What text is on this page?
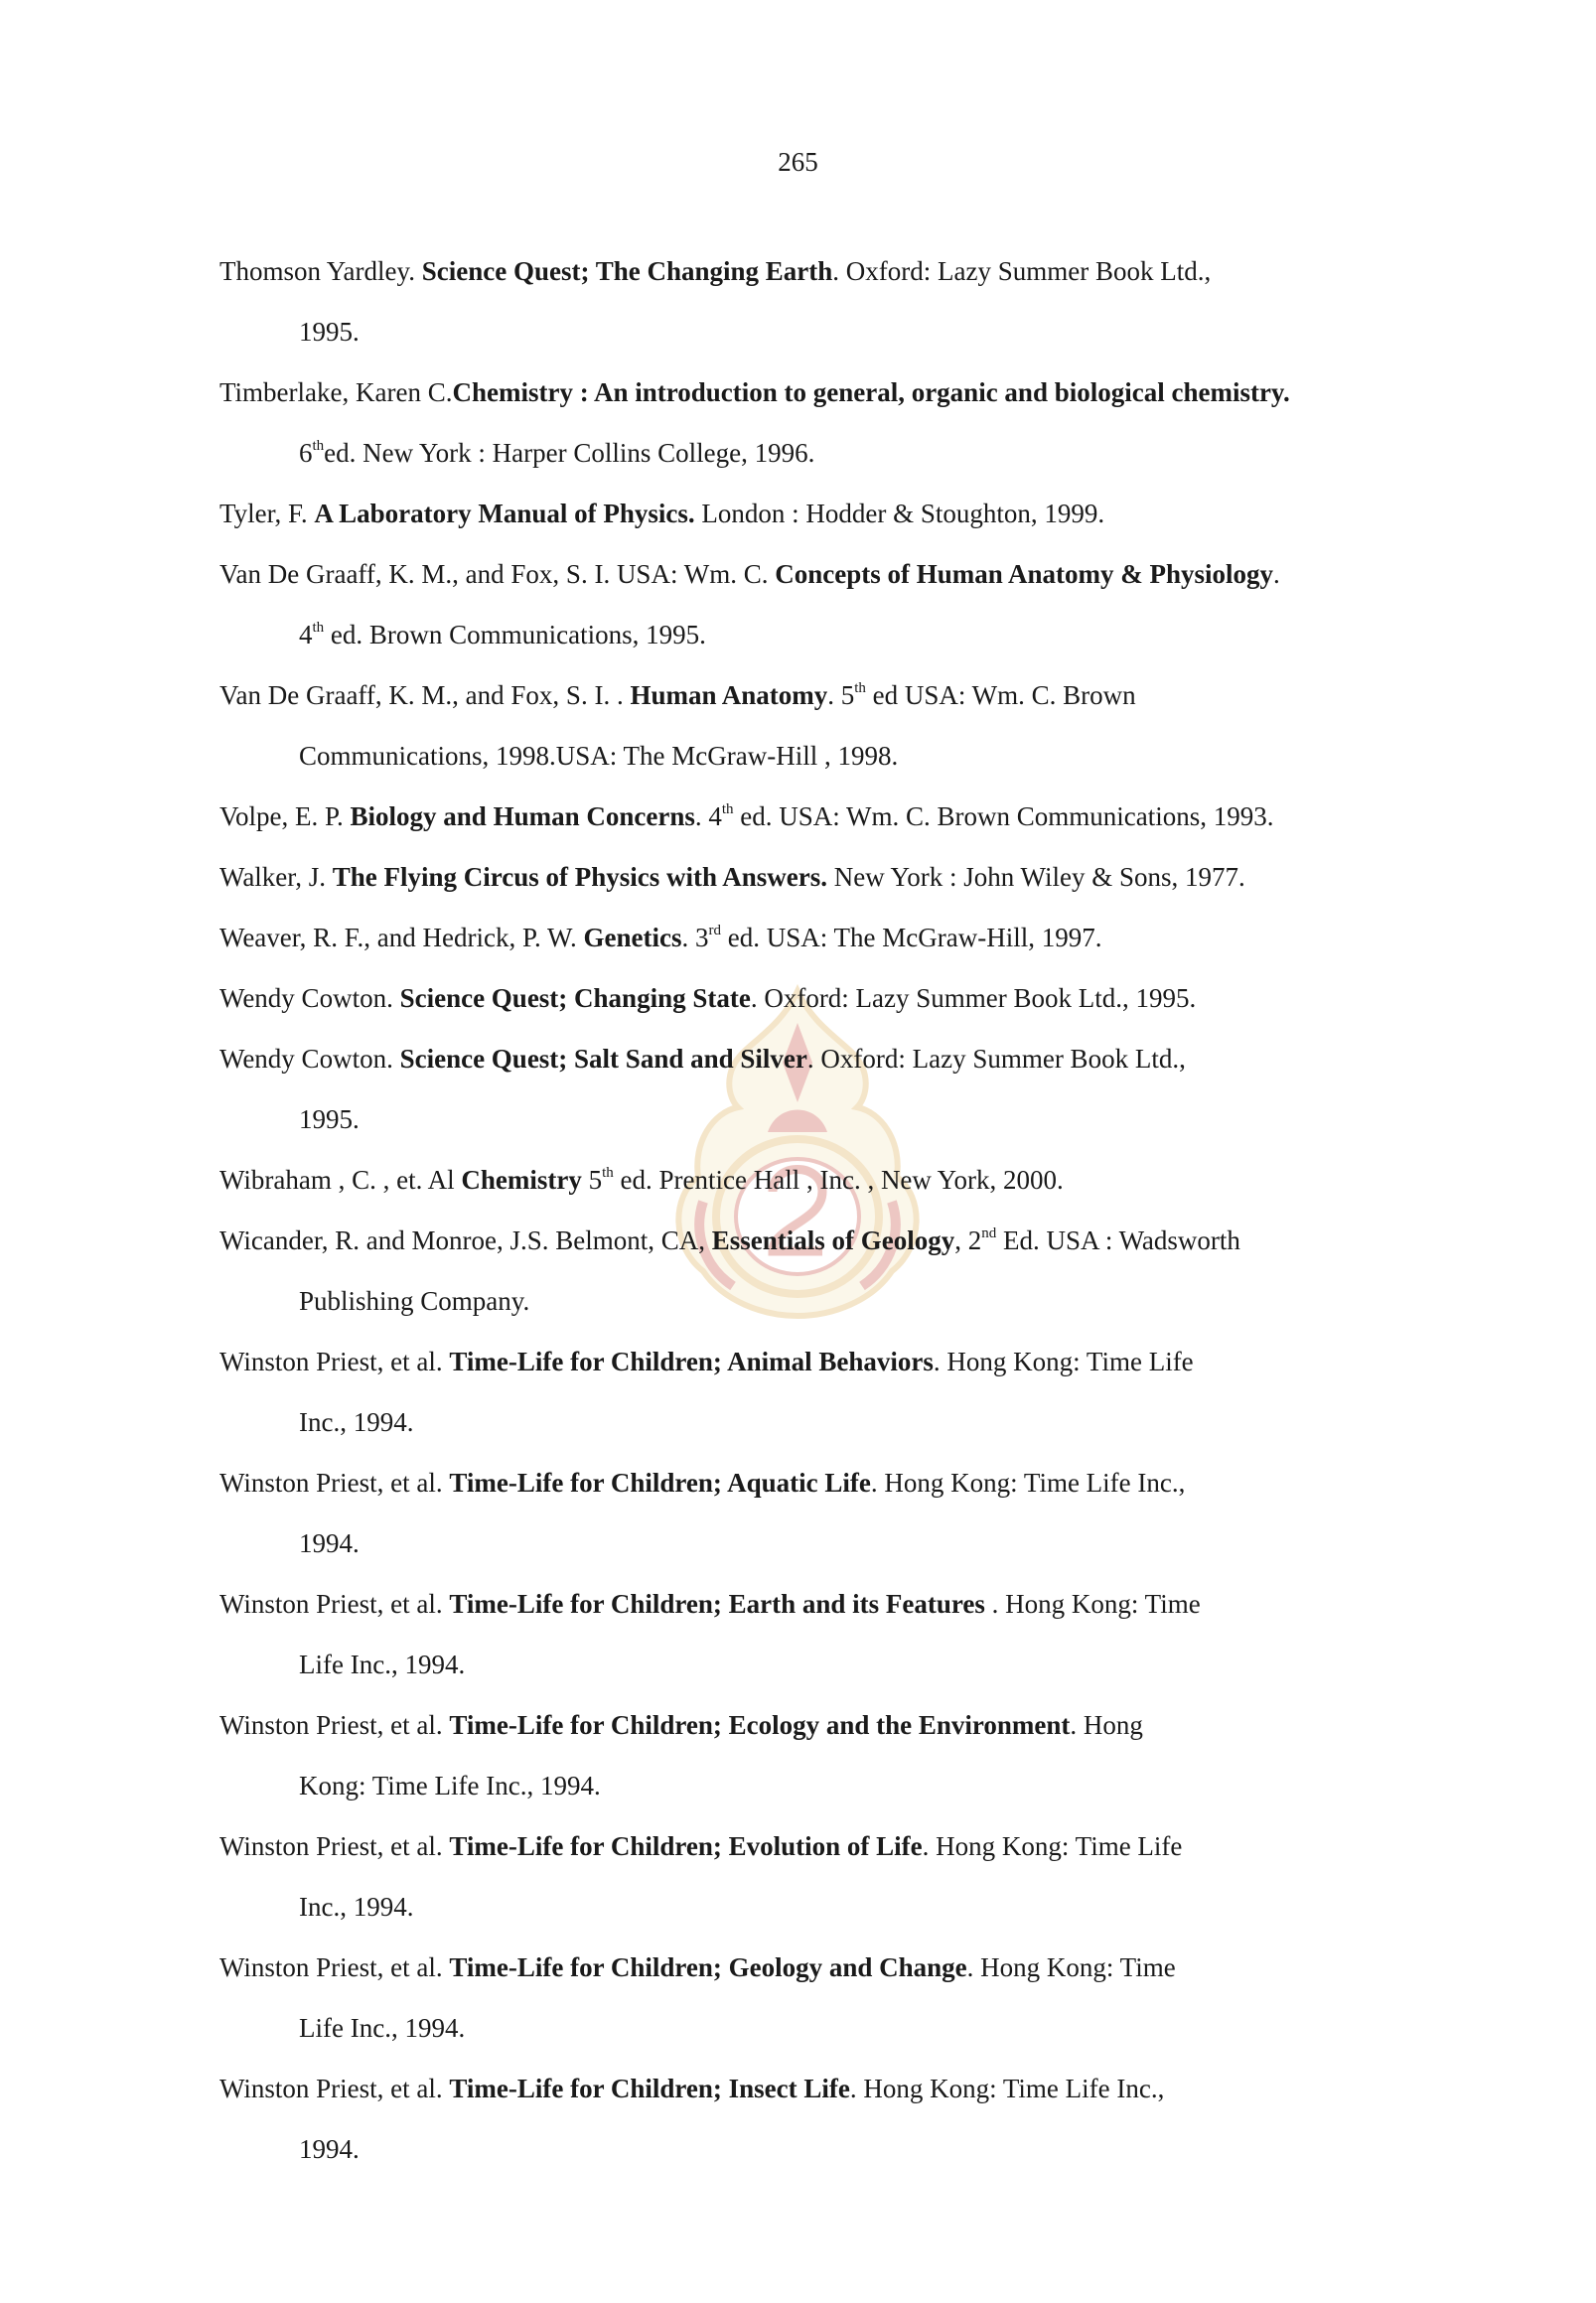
265
Thomson Yardley. Science Quest; The Changing Earth. Oxford: Lazy Summer Book Ltd.,
1995.
Timberlake, Karen C.Chemistry : An introduction to general, organic and biological chemistry.
6thed. New York : Harper Collins College, 1996.
Tyler, F. A Laboratory Manual of Physics. London : Hodder & Stoughton, 1999.
Van De Graaff, K. M., and Fox, S. I. USA: Wm. C. Concepts of Human Anatomy & Physiology.
4th ed. Brown Communications, 1995.
Van De Graaff, K. M., and Fox, S. I. . Human Anatomy. 5th ed USA: Wm. C. Brown
Communications, 1998.USA: The McGraw-Hill , 1998.
Volpe, E. P. Biology and Human Concerns. 4th ed. USA: Wm. C. Brown Communications, 1993.
Walker, J. The Flying Circus of Physics with Answers. New York : John Wiley & Sons, 1977.
Weaver, R. F., and Hedrick, P. W. Genetics. 3rd ed. USA: The McGraw-Hill, 1997.
Wendy Cowton. Science Quest; Changing State. Oxford: Lazy Summer Book Ltd., 1995.
Wendy Cowton. Science Quest; Salt Sand and Silver. Oxford: Lazy Summer Book Ltd.,
1995.
Wibraham , C. , et. Al Chemistry 5th ed. Prentice Hall , Inc. , New York, 2000.
Wicander, R. and Monroe, J.S. Belmont, CA, Essentials of Geology, 2nd Ed. USA : Wadsworth
Publishing Company.
Winston Priest, et al. Time-Life for Children; Animal Behaviors. Hong Kong: Time Life
Inc., 1994.
Winston Priest, et al. Time-Life for Children; Aquatic Life. Hong Kong: Time Life Inc.,
1994.
Winston Priest, et al. Time-Life for Children; Earth and its Features . Hong Kong: Time
Life Inc., 1994.
Winston Priest, et al. Time-Life for Children; Ecology and the Environment. Hong
Kong: Time Life Inc., 1994.
Winston Priest, et al. Time-Life for Children; Evolution of Life. Hong Kong: Time Life
Inc., 1994.
Winston Priest, et al. Time-Life for Children; Geology and Change. Hong Kong: Time
Life Inc., 1994.
Winston Priest, et al. Time-Life for Children; Insect Life. Hong Kong: Time Life Inc.,
1994.
